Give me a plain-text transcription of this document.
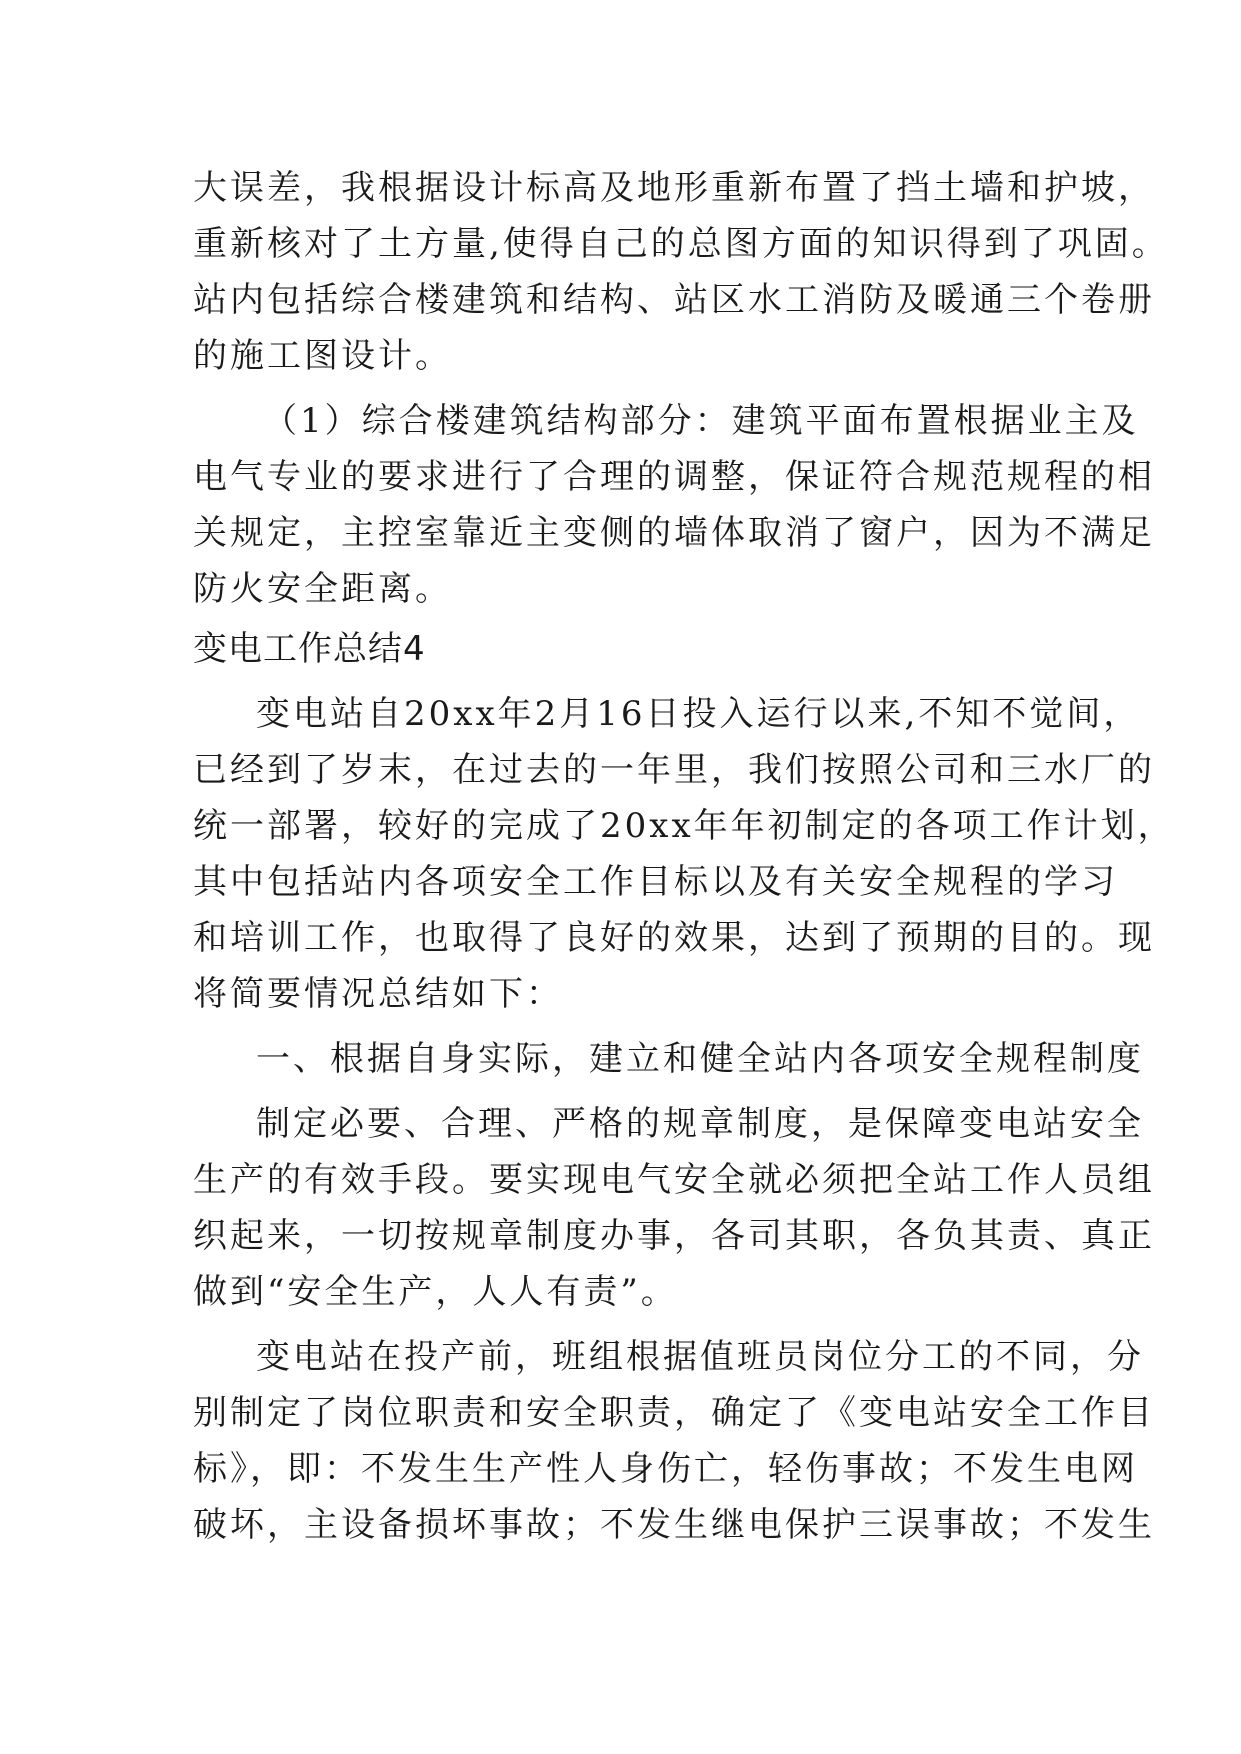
大误差，我根据设计标高及地形重新布置了挡土墙和护坡，
重新核对了土方量,使得自己的总图方面的知识得到了巩固。
站内包括综合楼建筑和结构、站区水工消防及暖通三个卷册
的施工图设计。
（1）综合楼建筑结构部分：建筑平面布置根据业主及
电气专业的要求进行了合理的调整，保证符合规范规程的相
关规定，主控室靠近主变侧的墙体取消了窗户，因为不满足
防火安全距离。
变电工作总结4
变电站自20xx年2月16日投入运行以来,不知不觉间，
已经到了岁末，在过去的一年里，我们按照公司和三水厂的
统一部署，较好的完成了20xx年年初制定的各项工作计划，
其中包括站内各项安全工作目标以及有关安全规程的学习
和培训工作，也取得了良好的效果，达到了预期的目的。现
将简要情况总结如下：
一、根据自身实际，建立和健全站内各项安全规程制度
制定必要、合理、严格的规章制度，是保障变电站安全
生产的有效手段。要实现电气安全就必须把全站工作人员组
织起来，一切按规章制度办事，各司其职，各负其责、真正
做到“安全生产，人人有责”。
变电站在投产前，班组根据值班员岗位分工的不同，分
别制定了岗位职责和安全职责，确定了《变电站安全工作目
标》，即：不发生生产性人身伤亡，轻伤事故；不发生电网
破坏，主设备损坏事故；不发生继电保护三误事故；不发生
